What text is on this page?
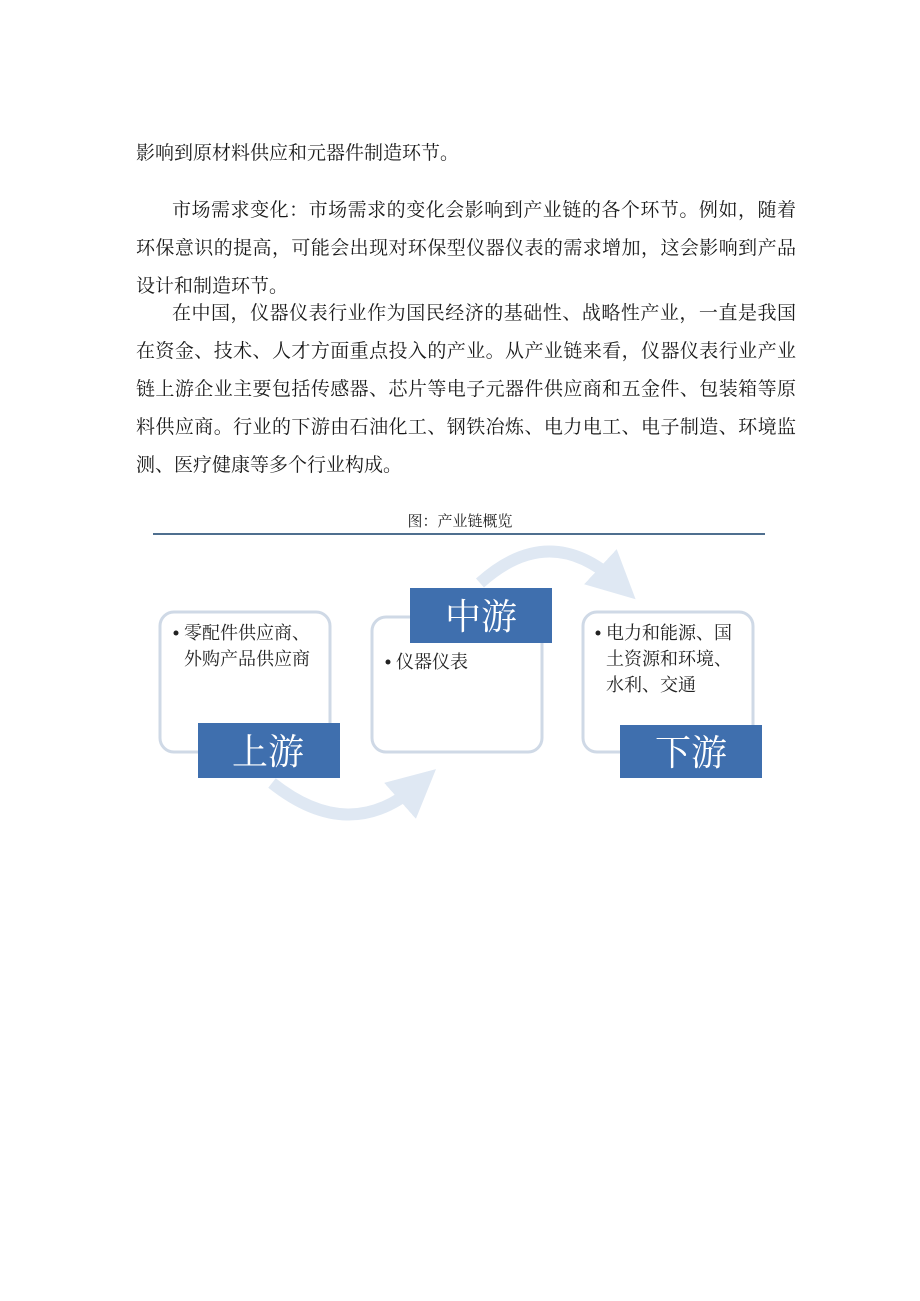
影响到原材料供应和元器件制造环节。

市场需求变化：市场需求的变化会影响到产业链的各个环节。例如，随着环保意识的提高，可能会出现对环保型仪器仪表的需求增加，这会影响到产品设计和制造环节。

在中国，仪器仪表行业作为国民经济的基础性、战略性产业，一直是我国在资金、技术、人才方面重点投入的产业。从产业链来看，仪器仪表行业产业链上游企业主要包括传感器、芯片等电子元器件供应商和五金件、包装箱等原料供应商。行业的下游由石油化工、钢铁冶炼、电力电工、电子制造、环境监测、医疗健康等多个行业构成。

图：产业链概览
零配件供应商、
外购产品供应商
上游
中游
仪器仪表
电力和能源、国
土资源和环境、
水利、交通
下游
